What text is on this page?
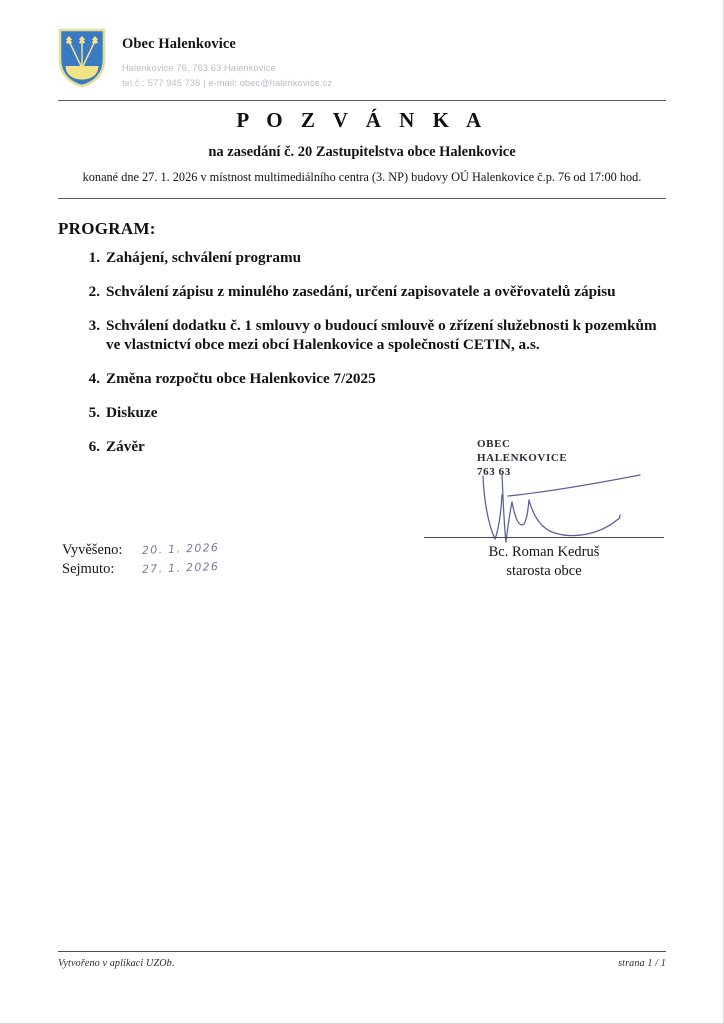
Obec Halenkovice
Halenkovice 76, 763 63 Halenkovice
tel.č.: 577 945 736 | e-mail: obec@halenkovice.cz
P O Z V Á N K A
na zasedání č. 20 Zastupitelstva obce Halenkovice
konané dne 27. 1. 2026 v místnost multimediálního centra (3. NP) budovy OÚ Halenkovice č.p. 76 od 17:00 hod.
PROGRAM:
1. Zahájení, schválení programu
2. Schválení zápisu z minulého zasedání, určení zapisovatele a ověřovatelů zápisu
3. Schválení dodatku č. 1 smlouvy o budoucí smlouvě o zřízení služebnosti k pozemkům ve vlastnictví obce mezi obcí Halenkovice a společností CETIN, a.s.
4. Změna rozpočtu obce Halenkovice 7/2025
5. Diskuze
6. Závěr	OBEC
HALENKOVICE
763 63
Bc. Roman Kedruš
starosta obce
Vyvěšeno:	20. 1. 2026
Sejmuto:	27. 1. 2026
Vytvořeno v aplikaci UZOb.	strana 1 / 1
